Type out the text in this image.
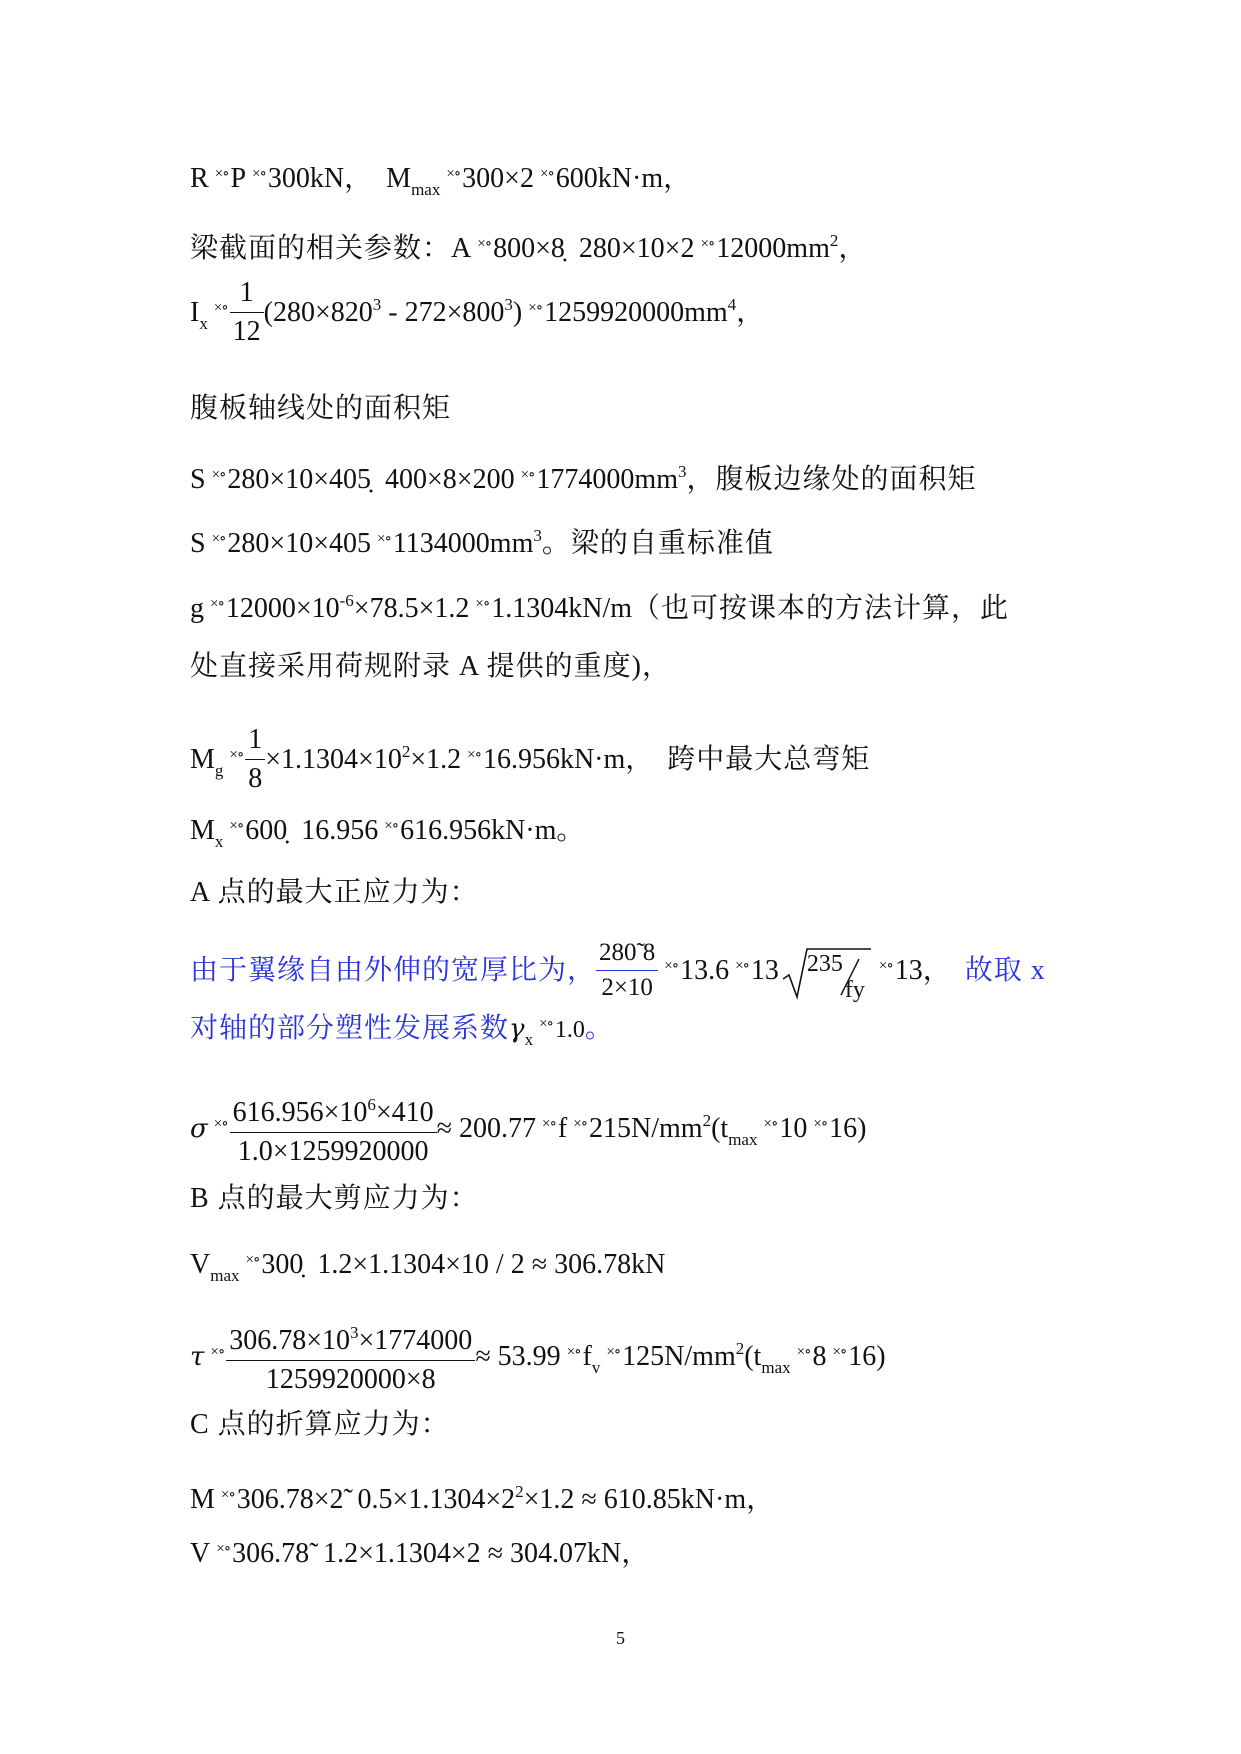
R ×∘P ×∘300kN， $M_{max}\times\circ 300\times 2$ ×∘600kN·m，
梁截面的相关参数：A ×∘800×8̣ $280\times 10\times 2 \times\circ 12000mm^2$，
$I_x\times\circ \frac{1}{12} (280\times 820^3 - 272\times 800^3)$ $\times\circ 1259920000mm^4$，
腹板轴线处的面积矩
S ×∘280×10×405̣ $400\times 8\times 200 \times\circ 1774000mm^3$，腹板边缘处的面积矩
S ×∘280×10×405 $\times\circ 1134000mm^3$。梁的自重标准值
$g \times\circ 12000\times 10^{-6}\times 78.5\times 1.2$ ×∘1.1304kN/m（也可按课本的方法计算，此
处直接采用荷规附录 A 提供的重度)，
$M_g\times\circ \frac{1}{8} \times 1.1304\times 10^2\times 1.2$ ×∘16.956kN·m， 跨中最大总弯矩
$M_x\times\circ 600̣$ 16.956 ×∘616.956kN·m。
A 点的最大正应力为：
由于翼缘自由外伸的宽厚比为， $\frac{280̃ 8}{2\times 10}$ ×∘13.6 ×∘13 235
fy
×∘13， 故取 x
对轴的部分塑性发展系数$\gamma_x\times\circ 1.0$。
σ ×∘ $\frac{616.956\times 10^6\times 410}{1.0\times 1259920000} \approx 200.77$ ×∘f $\times\circ 215N/mm^2(t_{max}\times\circ 10$ ×∘16)
B 点的最大剪应力为：
$V_{max}\times\circ 300̣$ 1.2×1.1304×10 / 2 ≈ 306.78kN
τ ×∘ $\frac{306.78\times 10^3\times 1774000}{1259920000\times 8} \approx 53.99$ $\times\circ f_v\times\circ 125N/mm^2(t_{max}\times\circ 8$ ×∘16)
C 点的折算应力为：
M ×∘306.78×2̃ $0.5\times 1.1304\times 2^2\times 1.2 \approx 610.85kN\cdot m$，
V ×∘306.78̃ 1.2×1.1304×2 ≈ 304.07kN，
5
